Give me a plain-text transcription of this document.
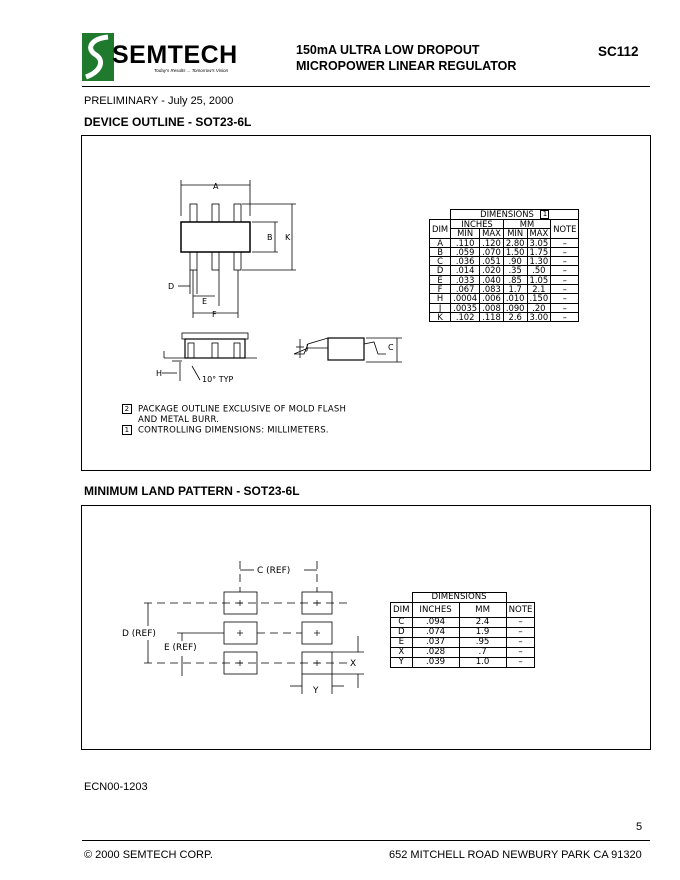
SEMTECH
Today's Results ... Tomorrow's Vision
150mA ULTRA LOW DROPOUT
MICROPOWER LINEAR REGULATOR
SC112
PRELIMINARY - July 25, 2000
DEVICE OUTLINE - SOT23-6L
A
B K
D
E
F
H
10° TYP
J	C
2 PACKAGE OUTLINE EXCLUSIVE OF MOLD FLASH
AND METAL BURR.
1 CONTROLLING DIMENSIONS: MILLIMETERS.
	DIMENSIONS 1				
DIM	INCHES		MM		NOTE
	MIN	MAX	MIN	MAX	
A	.110	.120	2.80	3.05	–
B	.059	.070	1.50	1.75	–
C	.036	.051	.90	1.30	–
D	.014	.020	.35	.50	–
E	.033	.040	.85	1.05	–
F	.067	.083	1.7	2.1	–
H	.0004	.006	.010	.150	–
J	.0035	.008	.090	.20	–
K	.102	.118	2.6	3.00	–
MINIMUM LAND PATTERN - SOT23-6L
C (REF)
D (REF)
E (REF)
X
Y
	DIMENSIONS		
DIM	INCHES	MM	NOTE
C	.094	2.4	–
D	.074	1.9	–
E	.037	.95	–
X	.028	.7	–
Y	.039	1.0	–
ECN00-1203
5
© 2000 SEMTECH CORP.	652 MITCHELL ROAD NEWBURY PARK CA 91320
